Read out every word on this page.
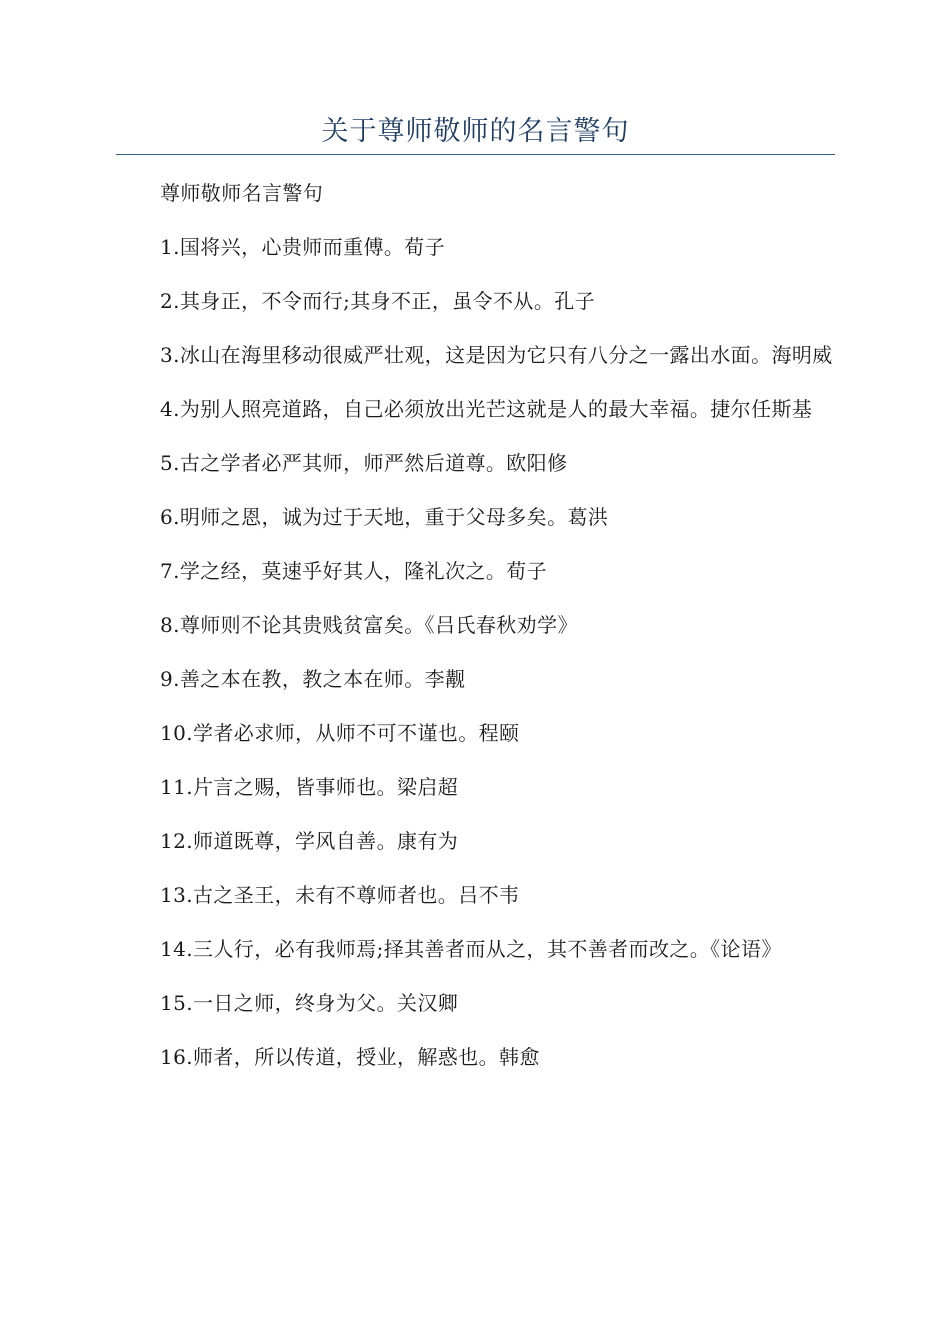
关于尊师敬师的名言警句

尊师敬师名言警句

1.国将兴，心贵师而重傅。荀子

2.其身正，不令而行;其身不正，虽令不从。孔子

3.冰山在海里移动很威严壮观，这是因为它只有八分之一露出水面。海明威

4.为别人照亮道路，自己必须放出光芒这就是人的最大幸福。捷尔任斯基

5.古之学者必严其师，师严然后道尊。欧阳修

6.明师之恩，诚为过于天地，重于父母多矣。葛洪

7.学之经，莫速乎好其人，隆礼次之。荀子

8.尊师则不论其贵贱贫富矣。《吕氏春秋劝学》

9.善之本在教，教之本在师。李觏

10.学者必求师，从师不可不谨也。程颐

11.片言之赐，皆事师也。梁启超

12.师道既尊，学风自善。康有为

13.古之圣王，未有不尊师者也。吕不韦

14.三人行，必有我师焉;择其善者而从之，其不善者而改之。《论语》

15.一日之师，终身为父。关汉卿

16.师者，所以传道，授业，解惑也。韩愈
